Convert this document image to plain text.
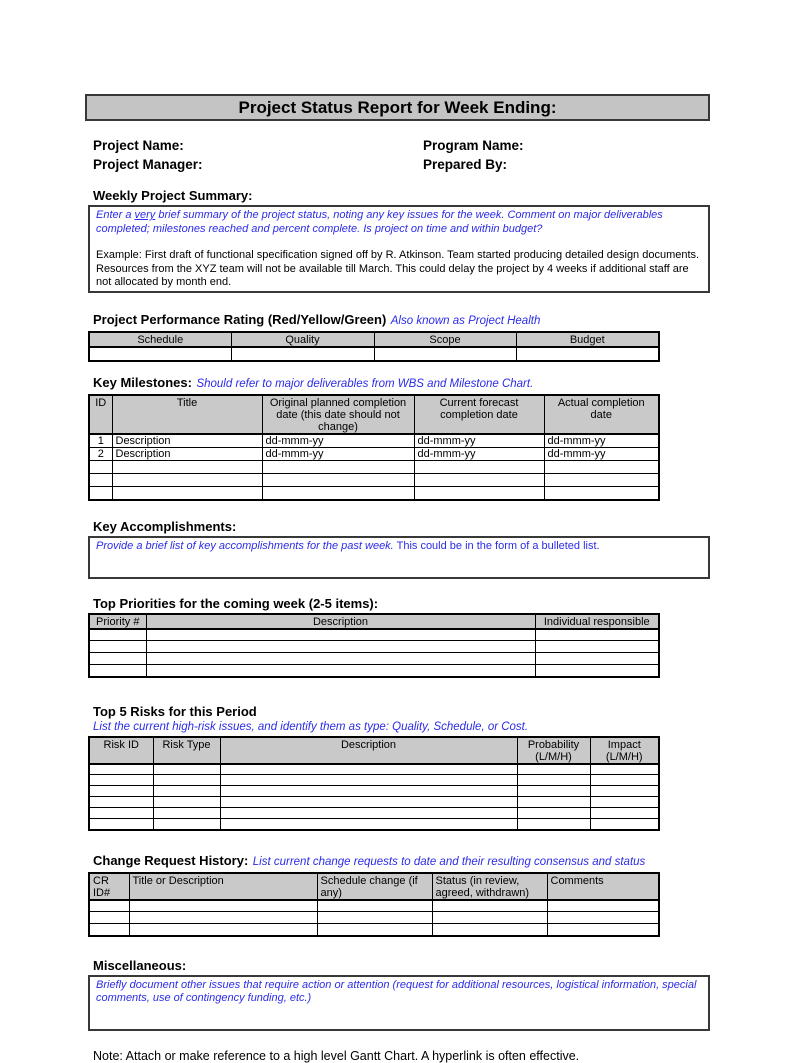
Project Status Report for Week Ending:
Project Name:	Program Name:
Project Manager:	Prepared By:
Weekly Project Summary:

Enter a very brief summary of the project status, noting any key issues for the week. Comment on major deliverables completed; milestones reached and percent complete. Is project on time and within budget?

Example: First draft of functional specification signed off by R. Atkinson. Team started producing detailed design documents. Resources from the XYZ team will not be available till March. This could delay the project by 4 weeks if additional staff are not allocated by month end.

Project Performance Rating (Red/Yellow/Green) Also known as Project Health
Schedule	Quality	Scope	Budget

Key Milestones: Should refer to major deliverables from WBS and Milestone Chart.
ID	Title	Original planned completion date (this date should not change)	Current forecast completion date	Actual completion date
1	Description	dd-mmm-yy	dd-mmm-yy	dd-mmm-yy
2	Description	dd-mmm-yy	dd-mmm-yy	dd-mmm-yy

Key Accomplishments:

Provide a brief list of key accomplishments for the past week. This could be in the form of a bulleted list.

Top Priorities for the coming week (2-5 items):
Priority #	Description	Individual responsible

Top 5 Risks for this Period
List the current high-risk issues, and identify them as type: Quality, Schedule, or Cost.
Risk ID	Risk Type	Description	Probability (L/M/H)	Impact (L/M/H)

Change Request History: List current change requests to date and their resulting consensus and status
CR ID#	Title or Description	Schedule change (if any)	Status (in review, agreed, withdrawn)	Comments

Miscellaneous:

Briefly document other issues that require action or attention (request for additional resources, logistical information, special comments, use of contingency funding, etc.)

Note: Attach or make reference to a high level Gantt Chart. A hyperlink is often effective.
